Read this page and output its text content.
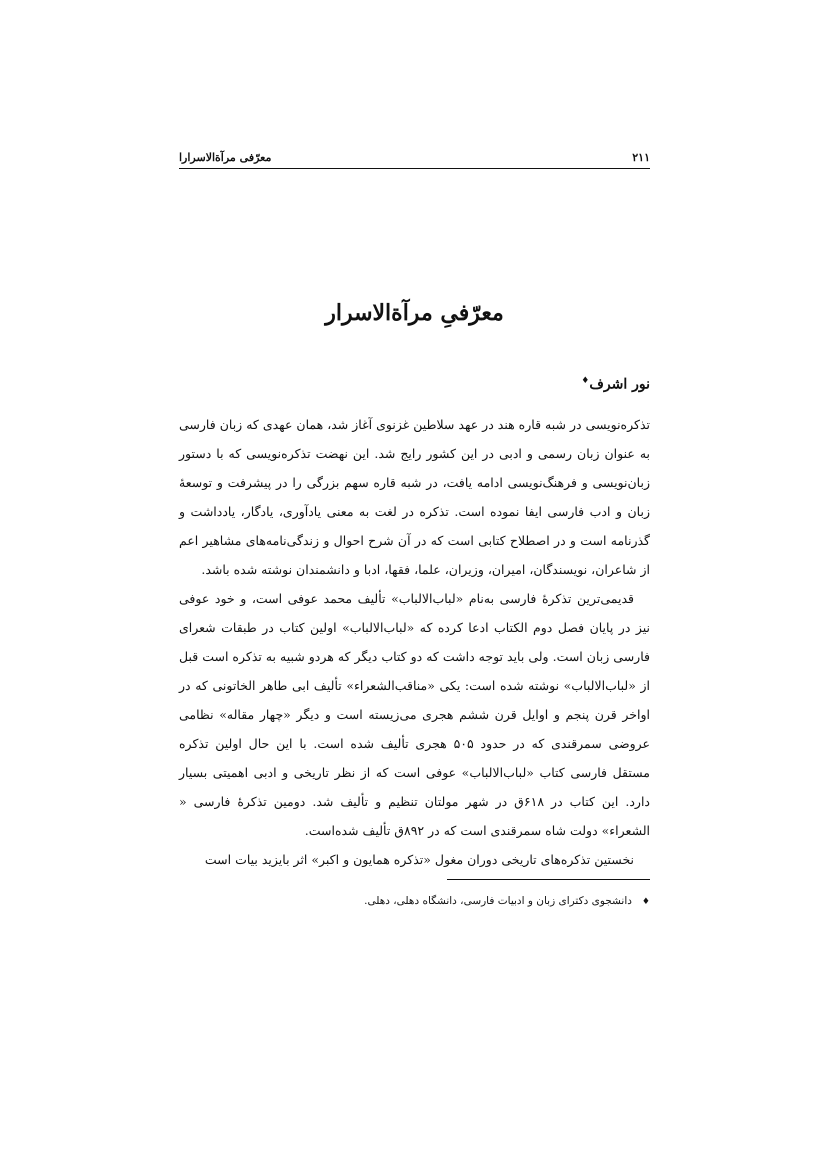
۲۱۱
معرّفی مرآةالاسرارا
معرّفیِ مرآةالاسرار
نور اشرف♦

تذکره‌نویسی در شبه قاره هند در عهد سلاطین غزنوی آغاز شد، همان عهدی که زبان فارسی به عنوان زبان رسمی و ادبی در این کشور رایج شد. این نهضت تذکره‌نویسی که با دستور زبان‌نویسی و فرهنگ‌نویسی ادامه یافت، در شبه قاره سهم بزرگی را در پیشرفت و توسعهٔ زبان و ادب فارسی ایفا نموده است. تذکره در لغت به معنی یادآوری، یادگار، یادداشت و گذرنامه است و در اصطلاح کتابی است که در آن شرح احوال و زندگی‌نامه‌های مشاهیر اعم از شاعران، نویسندگان، امیران، وزیران، علما، فقها، ادبا و دانشمندان نوشته شده باشد.

قدیمی‌ترین تذکرهٔ فارسی به‌نام «لباب‌الالباب» تألیف محمد عوفی است، و خود عوفی نیز در پایان فصل دوم الکتاب ادعا کرده که «لباب‌الالباب» اولین کتاب در طبقات شعرای فارسی زبان است. ولی باید توجه داشت که دو کتاب دیگر که هردو شبیه به تذکره است قبل از «لباب‌الالباب» نوشته شده است: یکی «مناقب‌الشعراء» تألیف ابی طاهر الخاتونی که در اواخر قرن پنجم و اوایل قرن ششم هجری می‌زیسته است و دیگر «چهار مقاله» نظامی عروضی سمرقندی که در حدود ۵۰۵ هجری تألیف شده است. با این حال اولین تذکره مستقل فارسی کتاب «لباب‌الالباب» عوفی است که از نظر تاریخی و ادبی اهمیتی بسیار دارد. این کتاب در ۶۱۸ق در شهر مولتان تنظیم و تألیف شد. دومین تذکرهٔ فارسی « الشعراء» دولت شاه سمرقندی است که در ۸۹۲ق تألیف شده‌است.

نخستین تذکره‌های تاریخی دوران مغول «تذکره همایون و اکبر» اثر بایزید بیات است

♦دانشجوی دکترای زبان و ادبیات فارسی، دانشگاه دهلی، دهلی.
